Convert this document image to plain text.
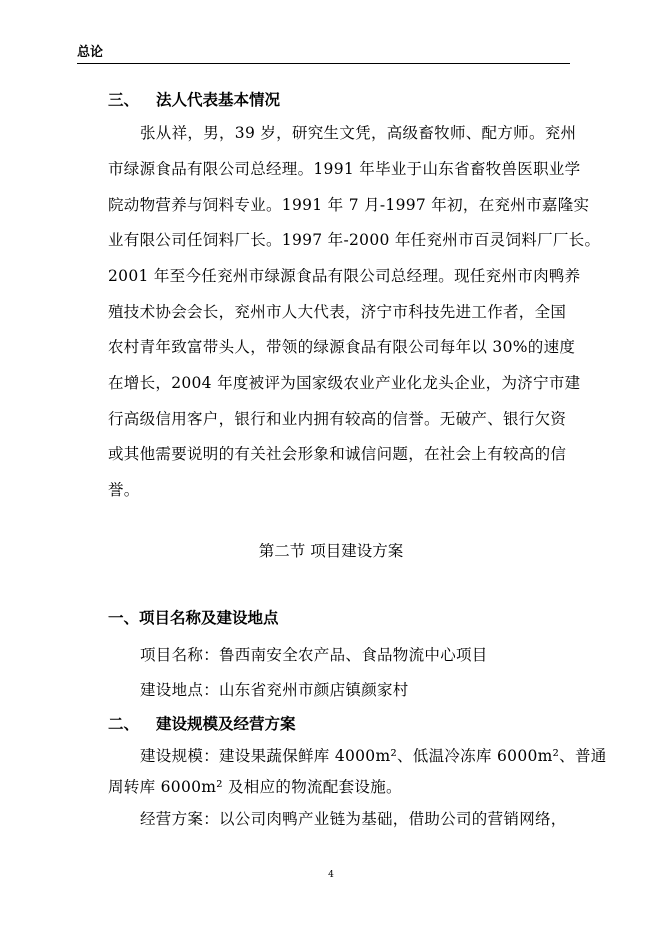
总论
三、 法人代表基本情况
张从祥，男，39 岁，研究生文凭，高级畜牧师、配方师。兖州
市绿源食品有限公司总经理。1991 年毕业于山东省畜牧兽医职业学
院动物营养与饲料专业。1991 年 7 月-1997 年初，在兖州市嘉隆实
业有限公司任饲料厂长。1997 年-2000 年任兖州市百灵饲料厂厂长。
2001 年至今任兖州市绿源食品有限公司总经理。现任兖州市肉鸭养
殖技术协会会长，兖州市人大代表，济宁市科技先进工作者，全国
农村青年致富带头人，带领的绿源食品有限公司每年以 30%的速度
在增长，2004 年度被评为国家级农业产业化龙头企业，为济宁市建
行高级信用客户，银行和业内拥有较高的信誉。无破产、银行欠资
或其他需要说明的有关社会形象和诚信问题，在社会上有较高的信
誉。
第二节 项目建设方案
一、项目名称及建设地点
项目名称：鲁西南安全农产品、食品物流中心项目
建设地点：山东省兖州市颜店镇颜家村
二、 建设规模及经营方案
建设规模：建设果蔬保鲜库 4000m²、低温冷冻库 6000m²、普通
周转库 6000m² 及相应的物流配套设施。
经营方案：以公司肉鸭产业链为基础，借助公司的营销网络，
4
